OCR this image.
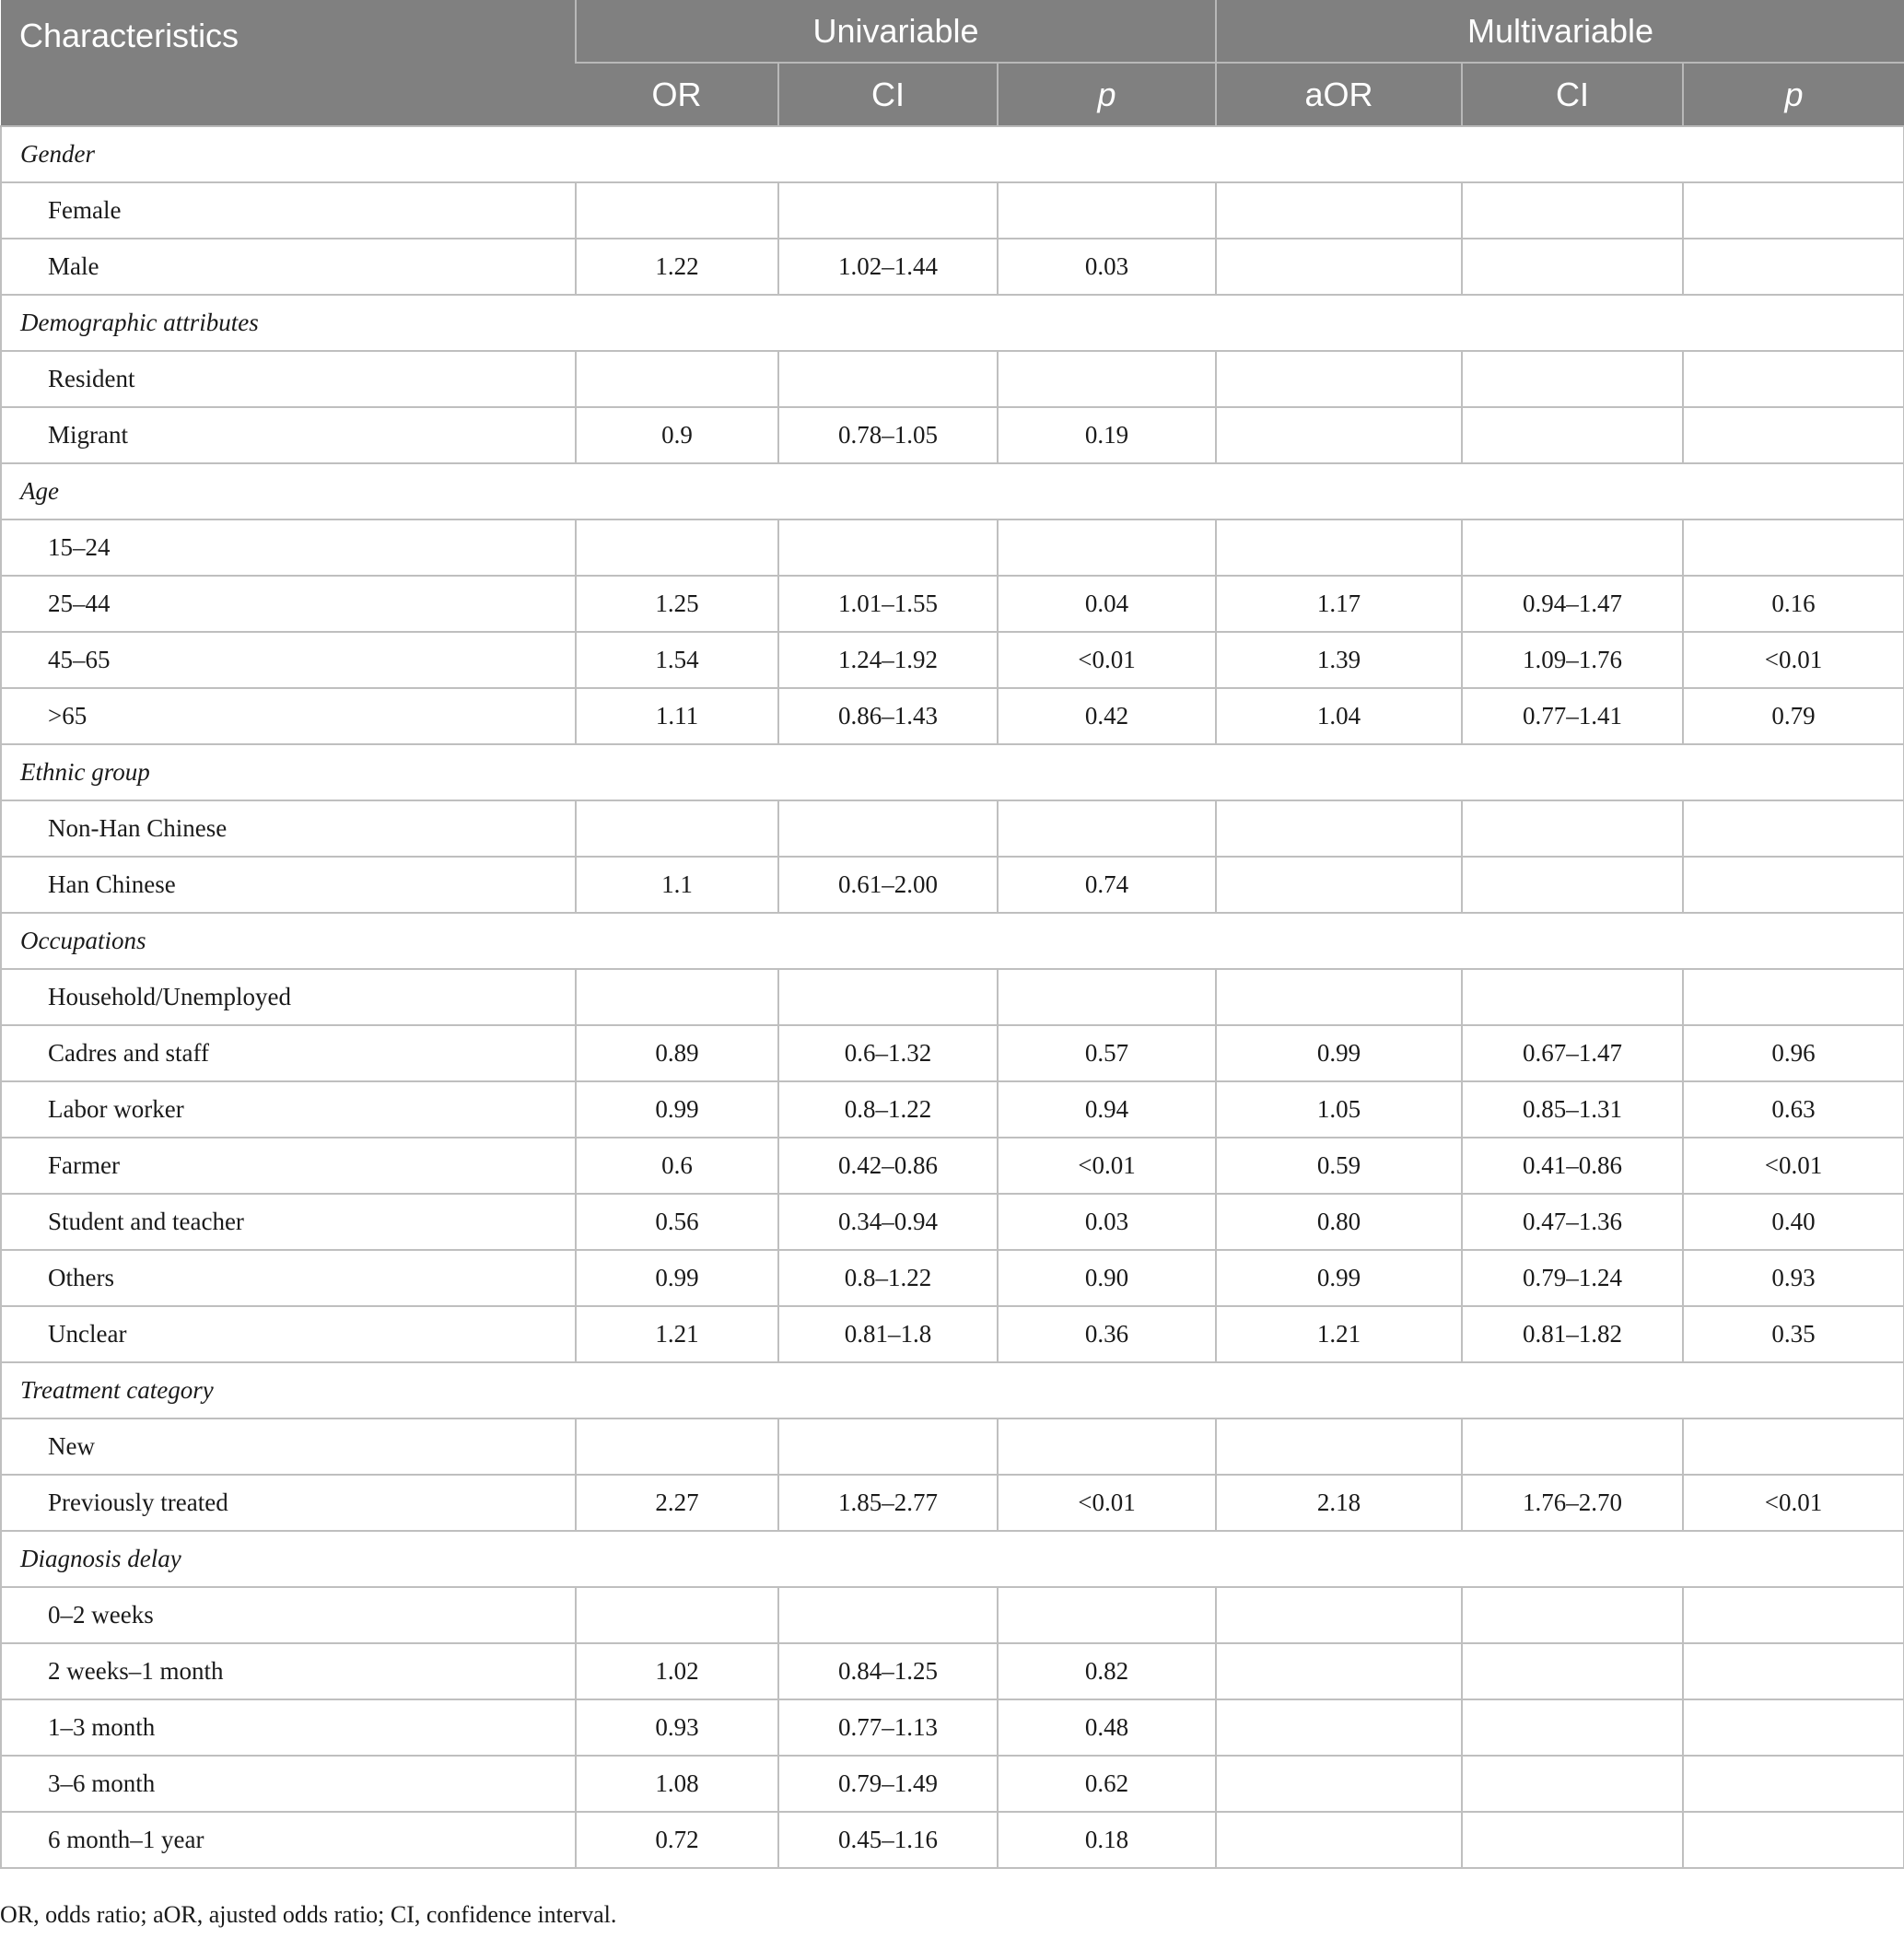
Characteristics	Univariable			Multivariable		
	OR	CI	p	aOR	CI	p
Gender						
Female						
Male	1.22	1.02–1.44	0.03			
Demographic attributes						
Resident						
Migrant	0.9	0.78–1.05	0.19			
Age						
15–24						
25–44	1.25	1.01–1.55	0.04	1.17	0.94–1.47	0.16
45–65	1.54	1.24–1.92	<0.01	1.39	1.09–1.76	<0.01
>65	1.11	0.86–1.43	0.42	1.04	0.77–1.41	0.79
Ethnic group						
Non-Han Chinese						
Han Chinese	1.1	0.61–2.00	0.74			
Occupations						
Household/Unemployed						
Cadres and staff	0.89	0.6–1.32	0.57	0.99	0.67–1.47	0.96
Labor worker	0.99	0.8–1.22	0.94	1.05	0.85–1.31	0.63
Farmer	0.6	0.42–0.86	<0.01	0.59	0.41–0.86	<0.01
Student and teacher	0.56	0.34–0.94	0.03	0.80	0.47–1.36	0.40
Others	0.99	0.8–1.22	0.90	0.99	0.79–1.24	0.93
Unclear	1.21	0.81–1.8	0.36	1.21	0.81–1.82	0.35
Treatment category						
New						
Previously treated	2.27	1.85–2.77	<0.01	2.18	1.76–2.70	<0.01
Diagnosis delay						
0–2 weeks						
2 weeks–1 month	1.02	0.84–1.25	0.82			
1–3 month	0.93	0.77–1.13	0.48			
3–6 month	1.08	0.79–1.49	0.62			
6 month–1 year	0.72	0.45–1.16	0.18			
OR, odds ratio; aOR, ajusted odds ratio; CI, confidence interval.
